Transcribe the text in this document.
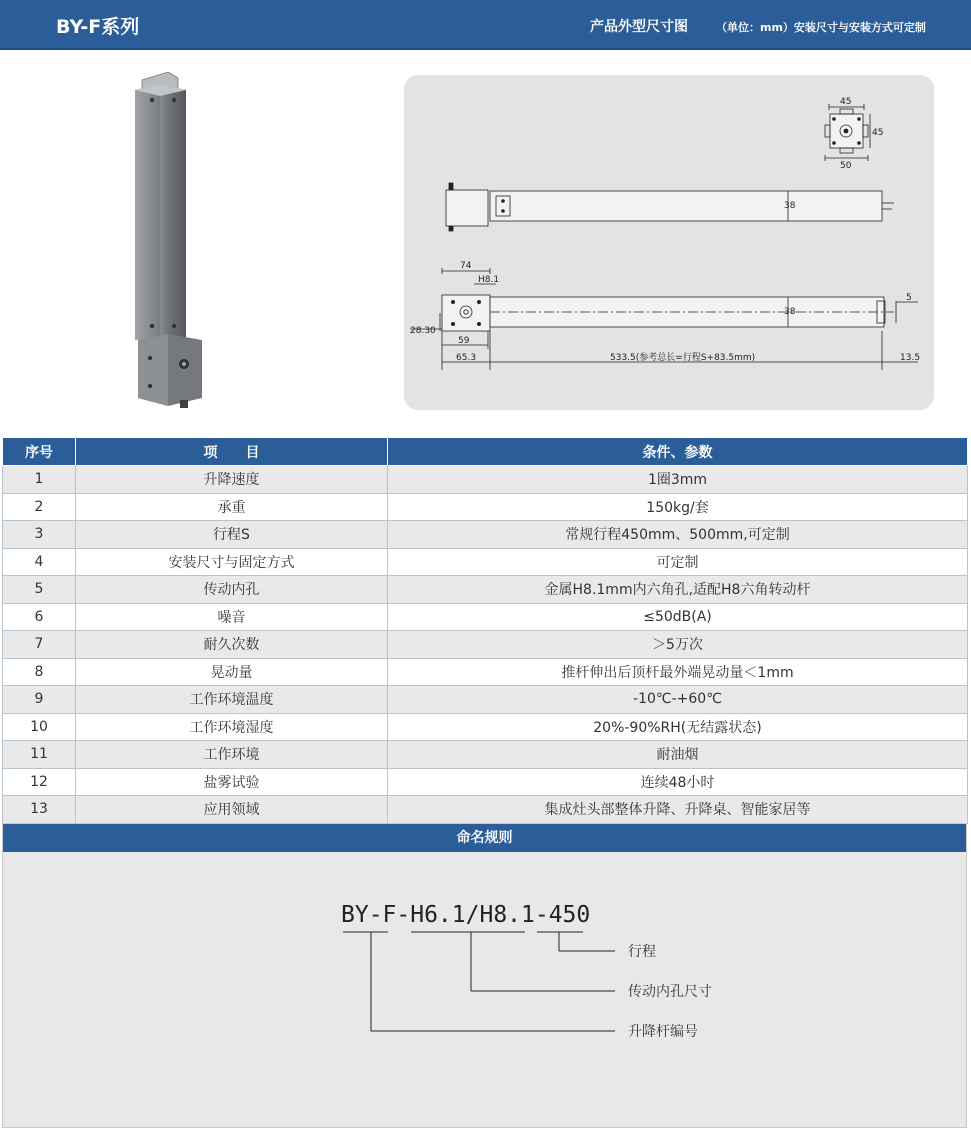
BY-F系列	产品外型尺寸图	（单位：mm）安装尺寸与安装方式可定制
45
45
50
38
74
H8.1
28.30
59
65.3
38
5
533.5(参考总长=行程S+83.5mm)	13.5
序号	项　　目	条件、参数
1	升降速度	1圈3mm
2	承重	150kg/套
3	行程S	常规行程450mm、500mm,可定制
4	安装尺寸与固定方式	可定制
5	传动内孔	金属H8.1mm内六角孔,适配H8六角转动杆
6	噪音	≤50dB(A)
7	耐久次数	＞5万次
8	晃动量	推杆伸出后顶杆最外端晃动量＜1mm
9	工作环境温度	-10℃-+60℃
10	工作环境湿度	20%-90%RH(无结露状态)
11	工作环境	耐油烟
12	盐雾试验	连续48小时
13	应用领域	集成灶头部整体升降、升降桌、智能家居等
命名规则
BY-F-H6.1/H8.1-450
行程
传动内孔尺寸
升降杆编号
